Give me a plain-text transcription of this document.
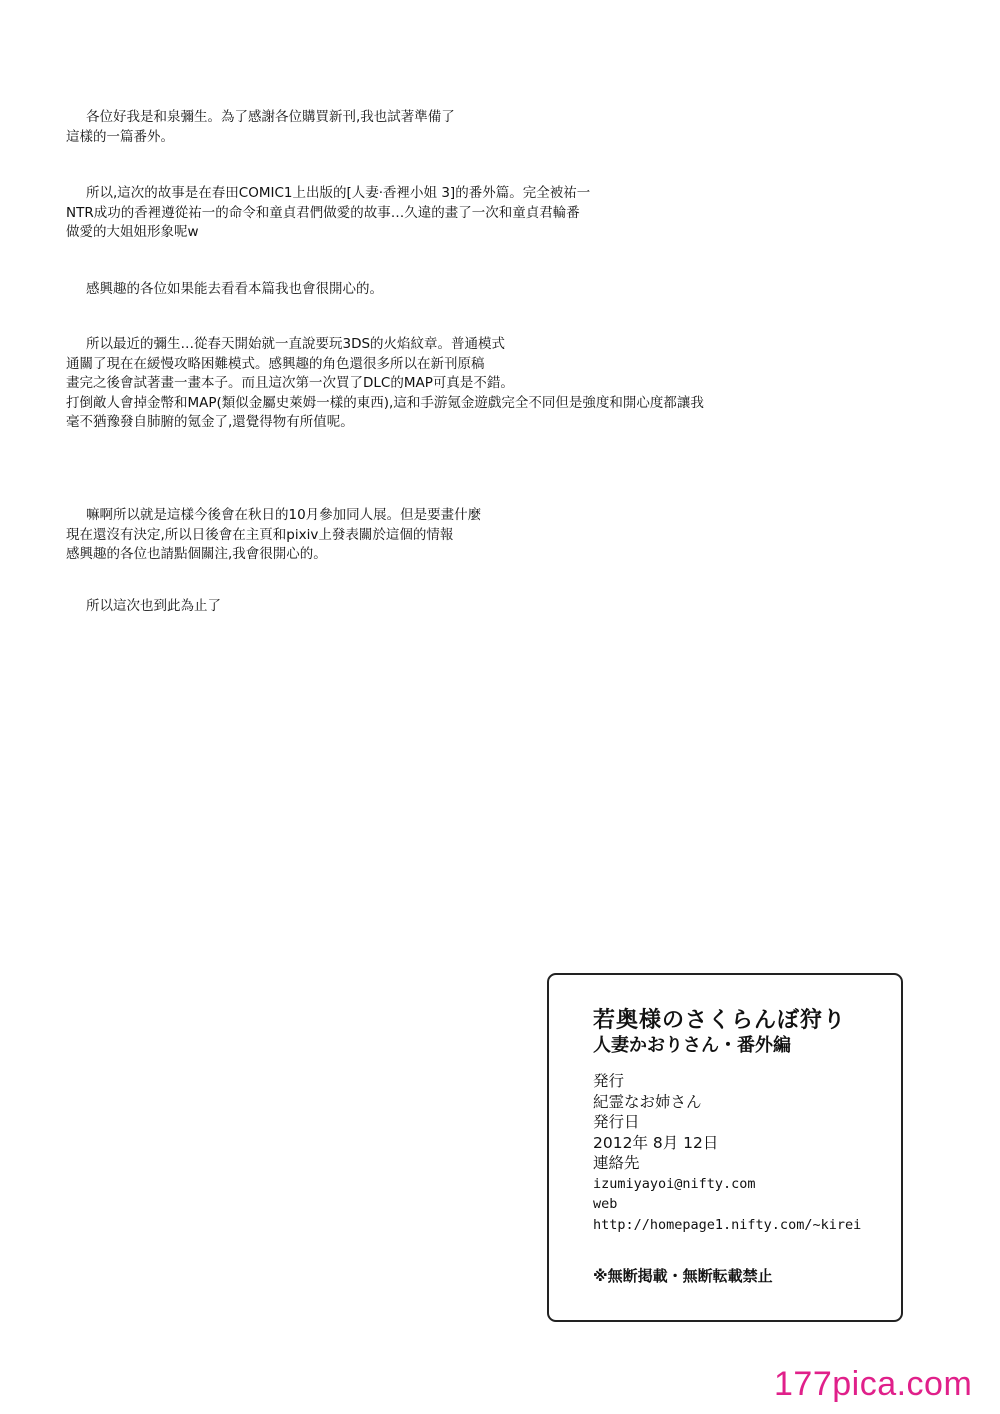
各位好我是和泉彌生。為了感謝各位購買新刊,我也試著準備了
這樣的一篇番外。
所以,這次的故事是在春田COMIC1上出版的[人妻‧香裡小姐 3]的番外篇。完全被祐一
NTR成功的香裡遵從祐一的命令和童貞君們做愛的故事…久違的畫了一次和童貞君輪番
做愛的大姐姐形象呢w
感興趣的各位如果能去看看本篇我也會很開心的。
所以最近的彌生…從春天開始就一直說要玩3DS的火焰紋章。普通模式
通關了現在在緩慢攻略困難模式。感興趣的角色還很多所以在新刊原稿
畫完之後會試著畫一畫本子。而且這次第一次買了DLC的MAP可真是不錯。
打倒敵人會掉金幣和MAP(類似金屬史萊姆一樣的東西),這和手游氪金遊戲完全不同但是強度和開心度都讓我
毫不猶豫發自肺腑的氪金了,還覺得物有所值呢。
嘛啊所以就是這樣今後會在秋日的10月參加同人展。但是要畫什麼
現在還沒有決定,所以日後會在主頁和pixiv上發表關於這個的情報
感興趣的各位也請點個關注,我會很開心的。
所以這次也到此為止了
若奥様のさくらんぼ狩り
人妻かおりさん・番外編
発行
紀霊なお姉さん
発行日
2012年 8月 12日
連絡先
izumiyayoi@nifty.com
web
http://homepage1.nifty.com/~kirei
※無断掲載・無断転載禁止
177pica.com
